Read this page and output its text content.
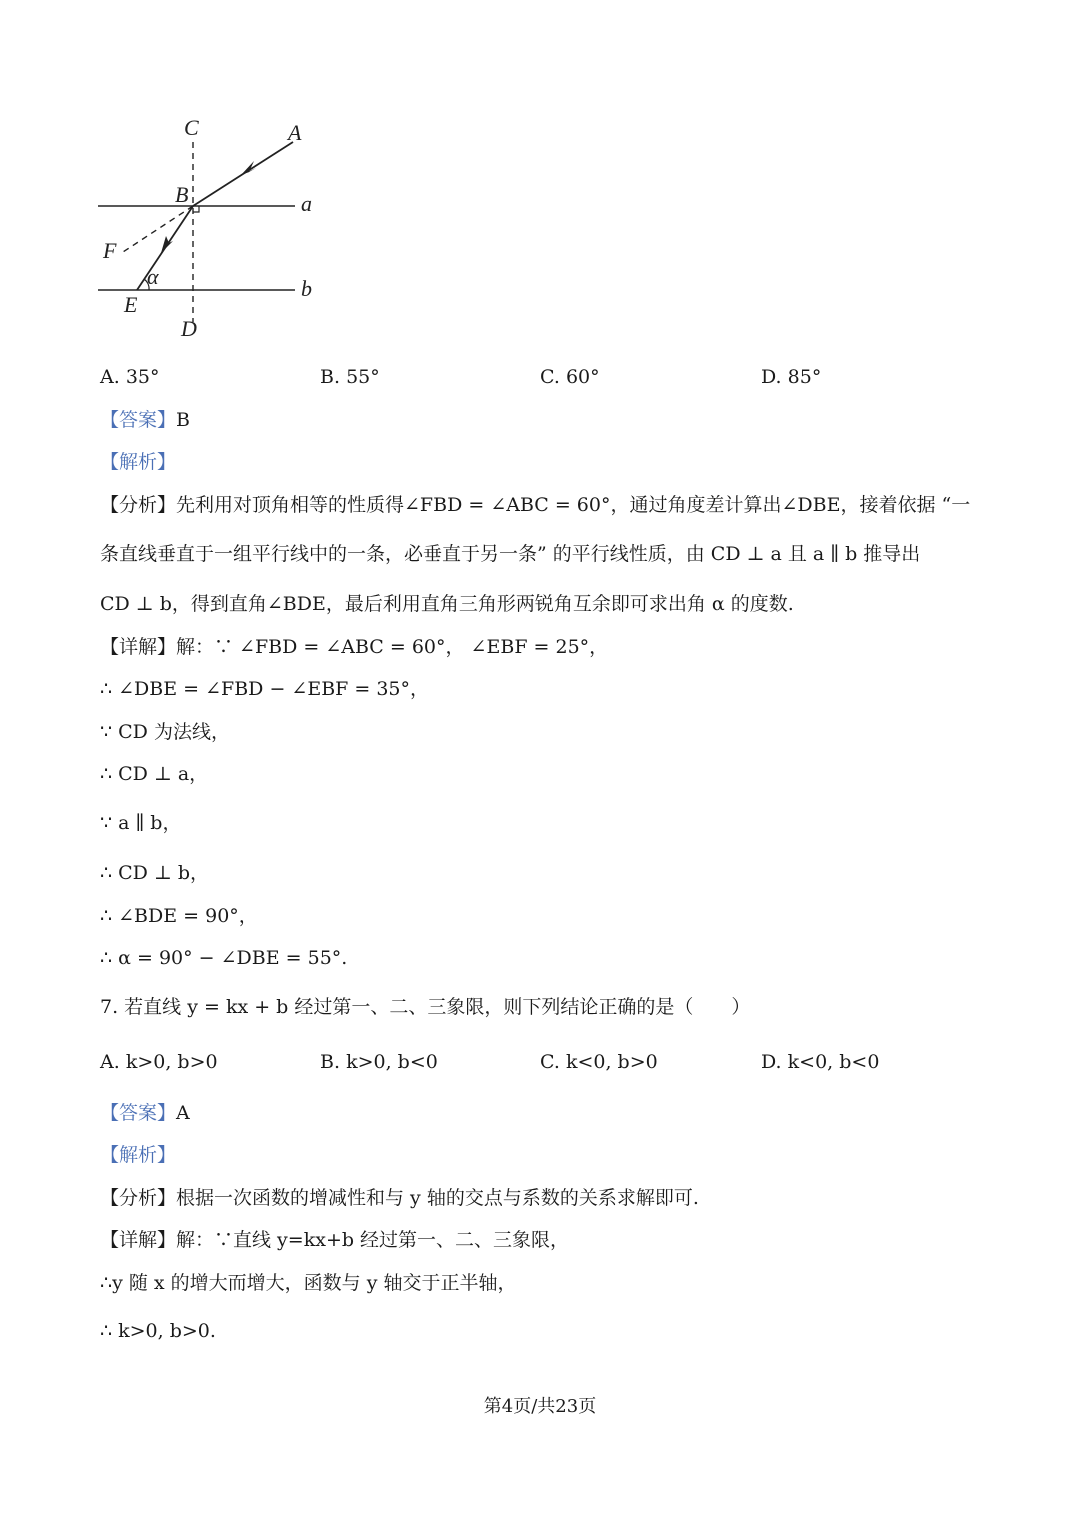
C	A
B	a
F
α	b
E
D
A. 35°	B. 55°	C. 60°	D. 85°
【答案】B
【解析】
【分析】先利用对顶角相等的性质得∠FBD = ∠ABC = 60°，通过角度差计算出∠DBE，接着依据 “一
条直线垂直于一组平行线中的一条，必垂直于另一条” 的平行线性质，由 CD ⊥ a 且 a ∥ b 推导出
CD ⊥ b，得到直角∠BDE，最后利用直角三角形两锐角互余即可求出角 α 的度数.
【详解】解：∵ ∠FBD = ∠ABC = 60°， ∠EBF = 25°，
∴ ∠DBE = ∠FBD − ∠EBF = 35°，
∵ CD 为法线，
∴ CD ⊥ a，
∵ a ∥ b，
∴ CD ⊥ b，
∴ ∠BDE = 90°，
∴ α = 90° − ∠DBE = 55°.
7. 若直线 y = kx + b 经过第一、二、三象限，则下列结论正确的是（　　）
A. k>0, b>0	B. k>0, b<0	C. k<0, b>0	D. k<0, b<0
【答案】A
【解析】
【分析】根据一次函数的增减性和与 y 轴的交点与系数的关系求解即可.
【详解】解：∵直线 y=kx+b 经过第一、二、三象限，
∴y 随 x 的增大而增大，函数与 y 轴交于正半轴，
∴ k>0, b>0.
第4页/共23页
